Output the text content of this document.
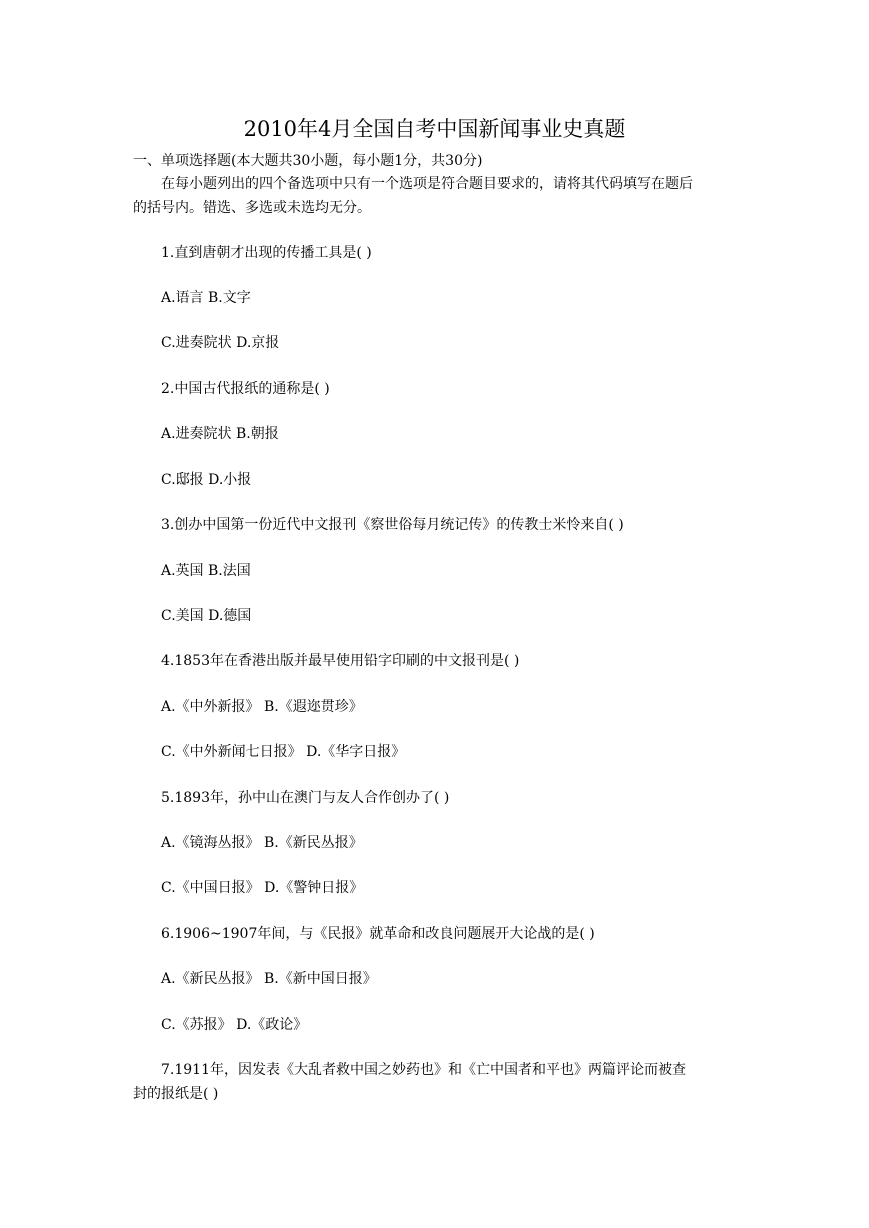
2010年4月全国自考中国新闻事业史真题
一、单项选择题(本大题共30小题，每小题1分，共30分)
在每小题列出的四个备选项中只有一个选项是符合题目要求的，请将其代码填写在题后
的括号内。错选、多选或未选均无分。
1.直到唐朝才出现的传播工具是( )
A.语言 B.文字
C.进奏院状 D.京报
2.中国古代报纸的通称是( )
A.进奏院状 B.朝报
C.邸报 D.小报
3.创办中国第一份近代中文报刊《察世俗每月统记传》的传教士米怜来自( )
A.英国 B.法国
C.美国 D.德国
4.1853年在香港出版并最早使用铅字印刷的中文报刊是( )
A.《中外新报》 B.《遐迩贯珍》
C.《中外新闻七日报》 D.《华字日报》
5.1893年，孙中山在澳门与友人合作创办了( )
A.《镜海丛报》 B.《新民丛报》
C.《中国日报》 D.《警钟日报》
6.1906~1907年间，与《民报》就革命和改良问题展开大论战的是( )
A.《新民丛报》 B.《新中国日报》
C.《苏报》 D.《政论》
7.1911年，因发表《大乱者救中国之妙药也》和《亡中国者和平也》两篇评论而被查
封的报纸是( )
